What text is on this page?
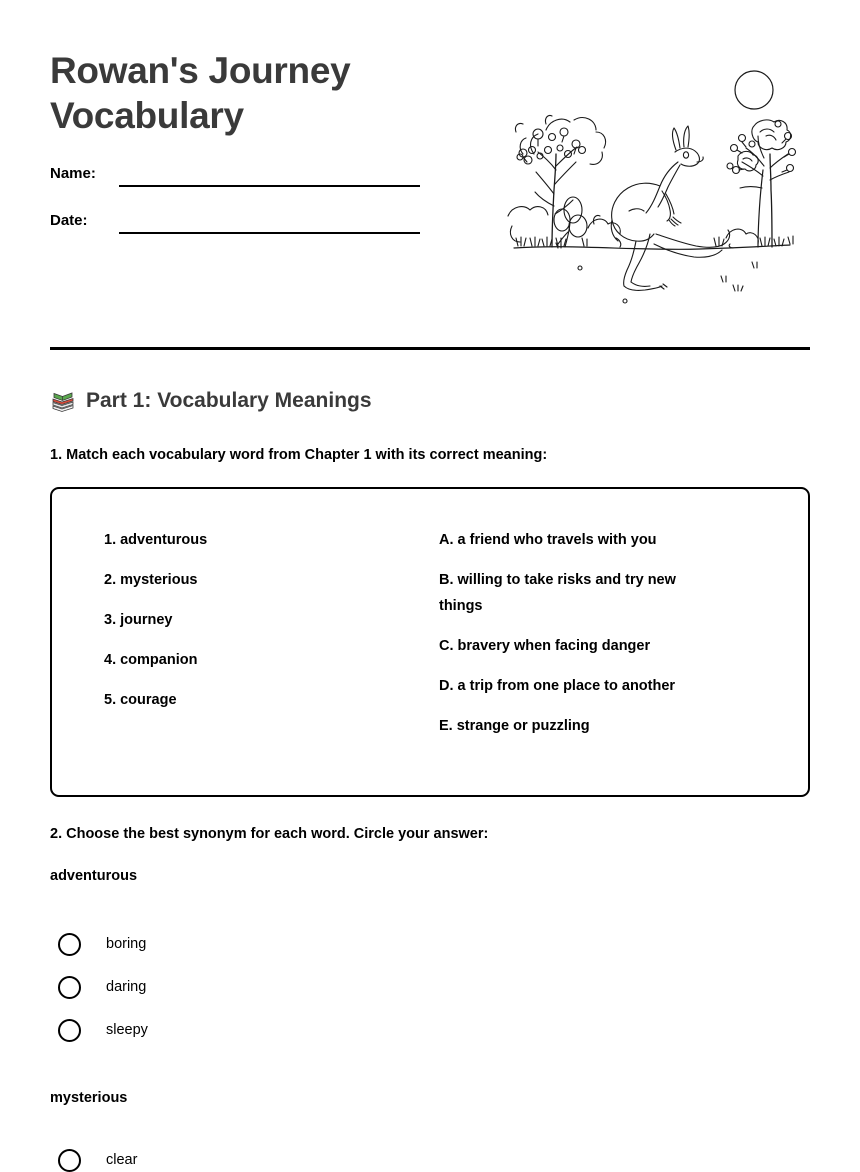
Rowan's Journey Vocabulary
Name:
Date:
Part 1: Vocabulary Meanings
1. Match each vocabulary word from Chapter 1 with its correct meaning:
1. adventurous
2. mysterious
3. journey
4. companion
5. courage
A. a friend who travels with you
B. willing to take risks and try new things
C. bravery when facing danger
D. a trip from one place to another
E. strange or puzzling
2. Choose the best synonym for each word. Circle your answer:
adventurous
boring
daring
sleepy
mysterious
clear
